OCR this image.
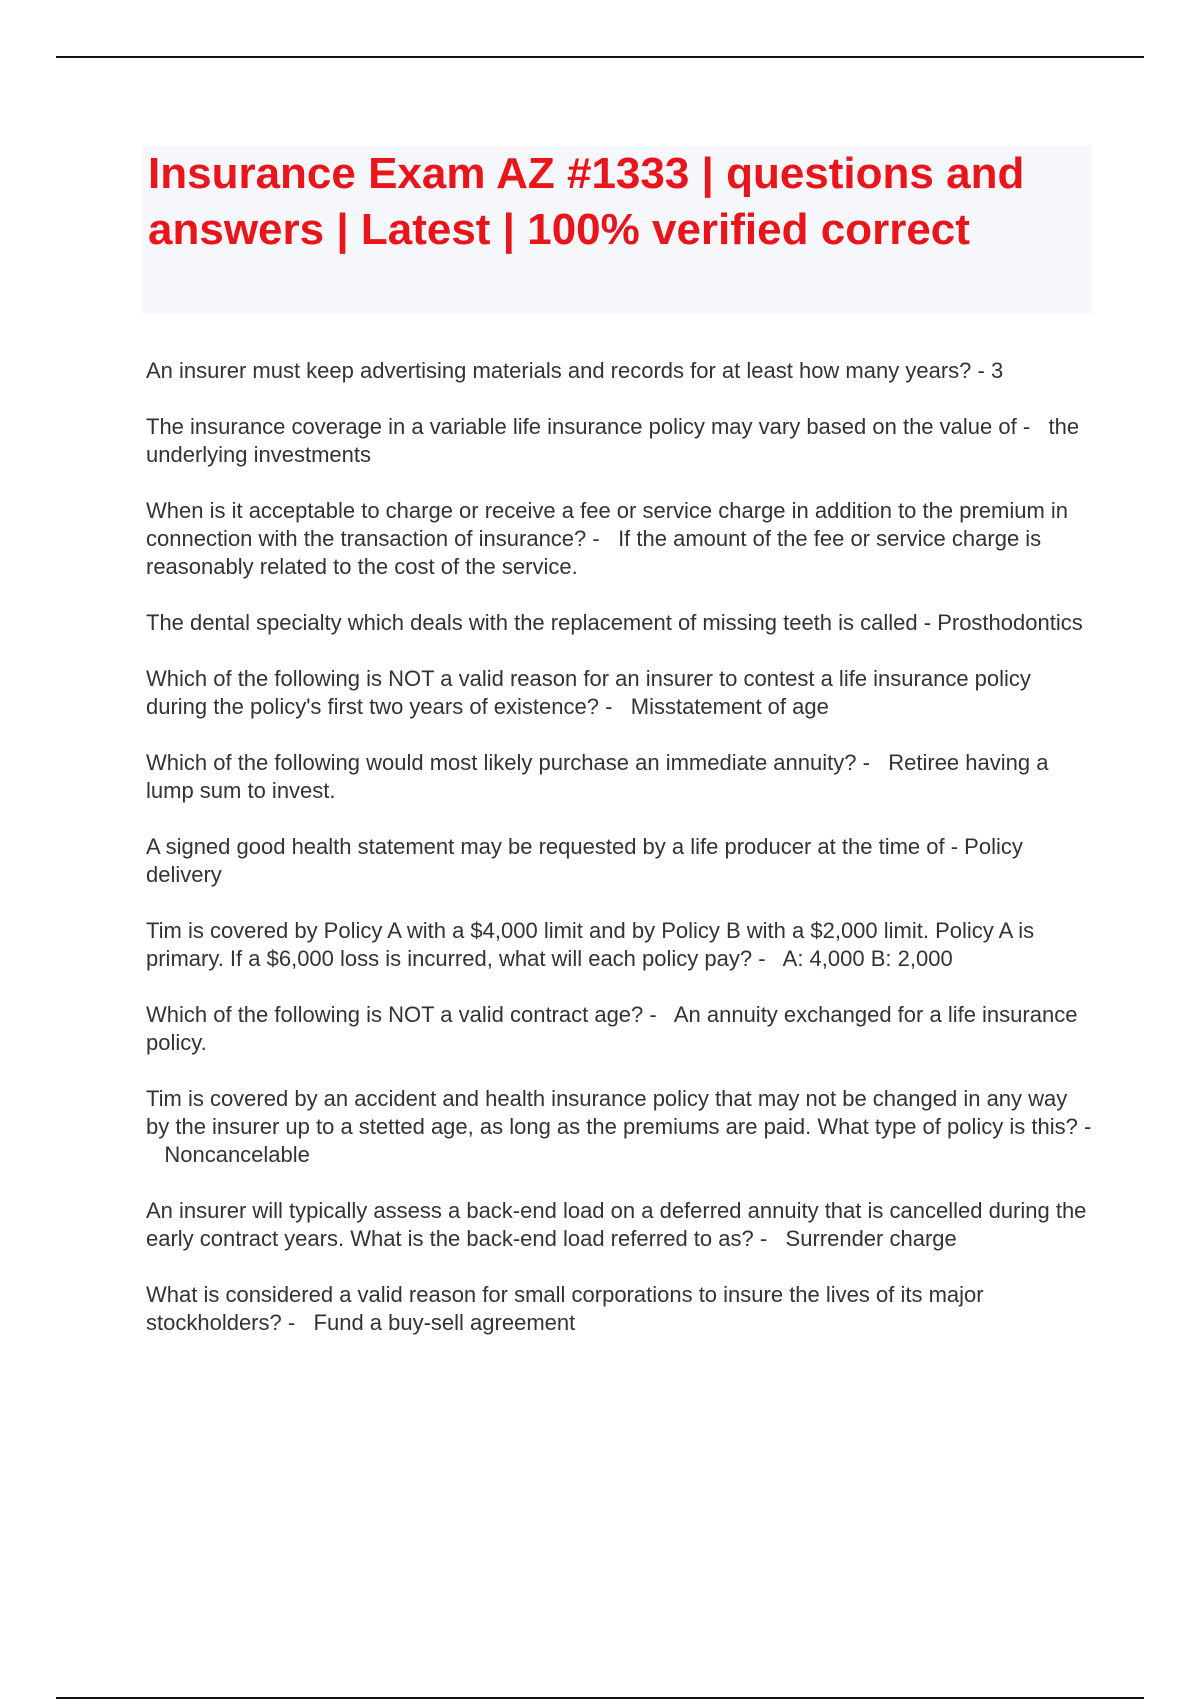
Insurance Exam AZ #1333 | questions and answers | Latest | 100% verified correct
An insurer must keep advertising materials and records for at least how many years? - 3
The insurance coverage in a variable life insurance policy may vary based on the value of - the underlying investments
When is it acceptable to charge or receive a fee or service charge in addition to the premium in connection with the transaction of insurance? - If the amount of the fee or service charge is reasonably related to the cost of the service.
The dental specialty which deals with the replacement of missing teeth is called - Prosthodontics
Which of the following is NOT a valid reason for an insurer to contest a life insurance policy during the policy's first two years of existence? - Misstatement of age
Which of the following would most likely purchase an immediate annuity? - Retiree having a lump sum to invest.
A signed good health statement may be requested by a life producer at the time of - Policy delivery
Tim is covered by Policy A with a $4,000 limit and by Policy B with a $2,000 limit. Policy A is primary. If a $6,000 loss is incurred, what will each policy pay? - A: 4,000 B: 2,000
Which of the following is NOT a valid contract age? - An annuity exchanged for a life insurance policy.
Tim is covered by an accident and health insurance policy that may not be changed in any way by the insurer up to a stetted age, as long as the premiums are paid. What type of policy is this? -   Noncancelable
An insurer will typically assess a back-end load on a deferred annuity that is cancelled during the early contract years. What is the back-end load referred to as? - Surrender charge
What is considered a valid reason for small corporations to insure the lives of its major stockholders? - Fund a buy-sell agreement
